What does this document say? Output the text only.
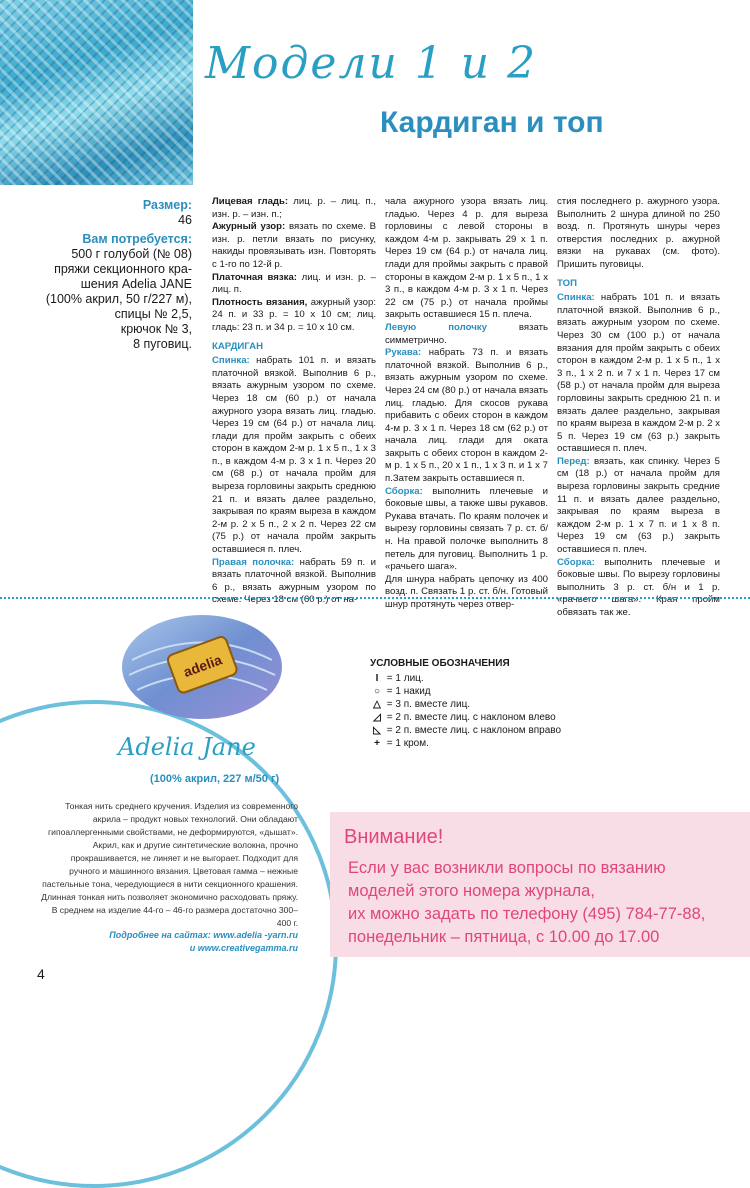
Модели 1 и 2
Кардиган и топ
Размер:
46
Вам потребуется:
500 г голубой (№ 08)
пряжи секционного кра-
шения Adelia JANE
(100% акрил, 50 г/227 м),
спицы № 2,5,
крючок № 3,
8 пуговиц.

Лицевая гладь: лиц. р. – лиц. п., изн. р. – изн. п.;

Ажурный узор: вязать по схеме. В изн. р. петли вязать по рисунку, накиды провязывать изн. Повторять с 1-го по 12-й р.

Платочная вязка: лиц. и изн. р. – лиц. п.

Плотность вязания, ажурный узор: 24 п. и 33 р. = 10 х 10 см; лиц. гладь: 23 п. и 34 р. = 10 х 10 см.

КАРДИГАН

Спинка: набрать 101 п. и вязать платочной вязкой. Выполнив 6 р., вязать ажурным узором по схеме. Через 18 см (60 р.) от начала ажурного узора вязать лиц. гладью. Через 19 см (64 р.) от начала лиц. глади для пройм закрыть с обеих сторон в каждом 2-м р. 1 х 5 п., 1 х 3 п., в каждом 4-м р. 3 х 1 п. Через 20 см (68 р.) от начала пройм для выреза горловины закрыть среднюю 21 п. и вязать далее раздельно, закрывая по краям выреза в каждом 2-м р. 2 х 5 п., 2 х 2 п. Через 22 см (75 р.) от начала пройм закрыть оставшиеся п. плеч.

Правая полочка: набрать 59 п. и вязать платочной вязкой. Выполнив 6 р., вязать ажурным узором по схеме. Через 18 см (60 р.) от на-

чала ажурного узора вязать лиц. гладью. Через 4 р. для выреза горловины с левой стороны в каждом 4-м р. закрывать 29 х 1 п. Через 19 см (64 р.) от начала лиц. глади для проймы закрыть с правой стороны в каждом 2-м р. 1 х 5 п., 1 х 3 п., в каждом 4-м р. 3 х 1 п. Через 22 см (75 р.) от начала проймы закрыть оставшиеся 15 п. плеча.

Левую полочку вязать симметрично.

Рукава: набрать 73 п. и вязать платочной вязкой. Выполнив 6 р., вязать ажурным узором по схеме. Через 24 см (80 р.) от начала вязать лиц. гладью. Для скосов рукава прибавить с обеих сторон в каждом 4-м р. 3 х 1 п. Через 18 см (62 р.) от начала лиц. глади для оката закрыть с обеих сторон в каждом 2-м р. 1 х 5 п., 20 х 1 п., 1 х 3 п. и 1 х 7 п.Затем закрыть оставшиеся п.

Сборка: выполнить плечевые и боковые швы, а также швы рукавов. Рукава втачать. По краям полочек и вырезу горловины связать 7 р. ст. б/н. На правой полочке выполнить 8 петель для пуговиц. Выполнить 1 р. «рачьего шага».

Для шнура набрать цепочку из 400 возд. п. Связать 1 р. ст. б/н. Готовый шнур протянуть через отвер-

стия последнего р. ажурного узора. Выполнить 2 шнура длиной по 250 возд. п. Протянуть шнуры через отверстия последних р. ажурной вязки на рукавах (см. фото). Пришить пуговицы.

ТОП

Спинка: набрать 101 п. и вязать платочной вязкой. Выполнив 6 р., вязать ажурным узором по схеме. Через 30 см (100 р.) от начала вязания для пройм закрыть с обеих сторон в каждом 2-м р. 1 х 5 п., 1 х 3 п., 1 х 2 п. и 7 х 1 п. Через 17 см (58 р.) от начала пройм для выреза горловины закрыть среднюю 21 п. и вязать далее раздельно, закрывая по краям выреза в каждом 2-м р. 2 х 5 п. Через 19 см (63 р.) закрыть оставшиеся п. плеч.

Перед: вязать, как спинку. Через 5 см (18 р.) от начала пройм для выреза горловины закрыть средние 11 п. и вязать далее раздельно, закрывая по краям выреза в каждом 2-м р. 1 х 7 п. и 1 х 8 п. Через 19 см (63 р.) закрыть оставшиеся п. плеч.

Сборка: выполнить плечевые и боковые швы. По вырезу горловины выполнить 3 р. ст. б/н и 1 р. «рачьего шага». Края пройм обвязать так же.

adelia
Adelia Jane
(100% акрил, 227 м/50 г)
Тонкая нить среднего кручения. Изделия из современного акрила – продукт новых технологий. Они обладают гипоаллергенными свойствами, не деформируются, «дышат». Акрил, как и другие синтетические волокна, прочно прокрашивается, не линяет и не выгорает. Подходит для ручного и машинного вязания. Цветовая гамма – нежные пастельные тона, чередующиеся в нити секционного крашения. Длинная тонкая нить позволяет экономично расходовать пряжу. В среднем на изделие 44-го – 46-го размера достаточно 300–400 г.
Подробнее на сайтах: www.adelia -yarn.ru
и www.creativegamma.ru
УСЛОВНЫЕ ОБОЗНАЧЕНИЯ
I = 1 лиц.
○ = 1 накид
△ = 3 п. вместе лиц.
◿ = 2 п. вместе лиц. с наклоном влево
◺ = 2 п. вместе лиц. с наклоном вправо
+ = 1 кром.
Внимание!
Если у вас возникли вопросы по вязанию
моделей этого номера журнала,
их можно задать по телефону (495) 784-77-88,
понедельник – пятница, с 10.00 до 17.00
4
